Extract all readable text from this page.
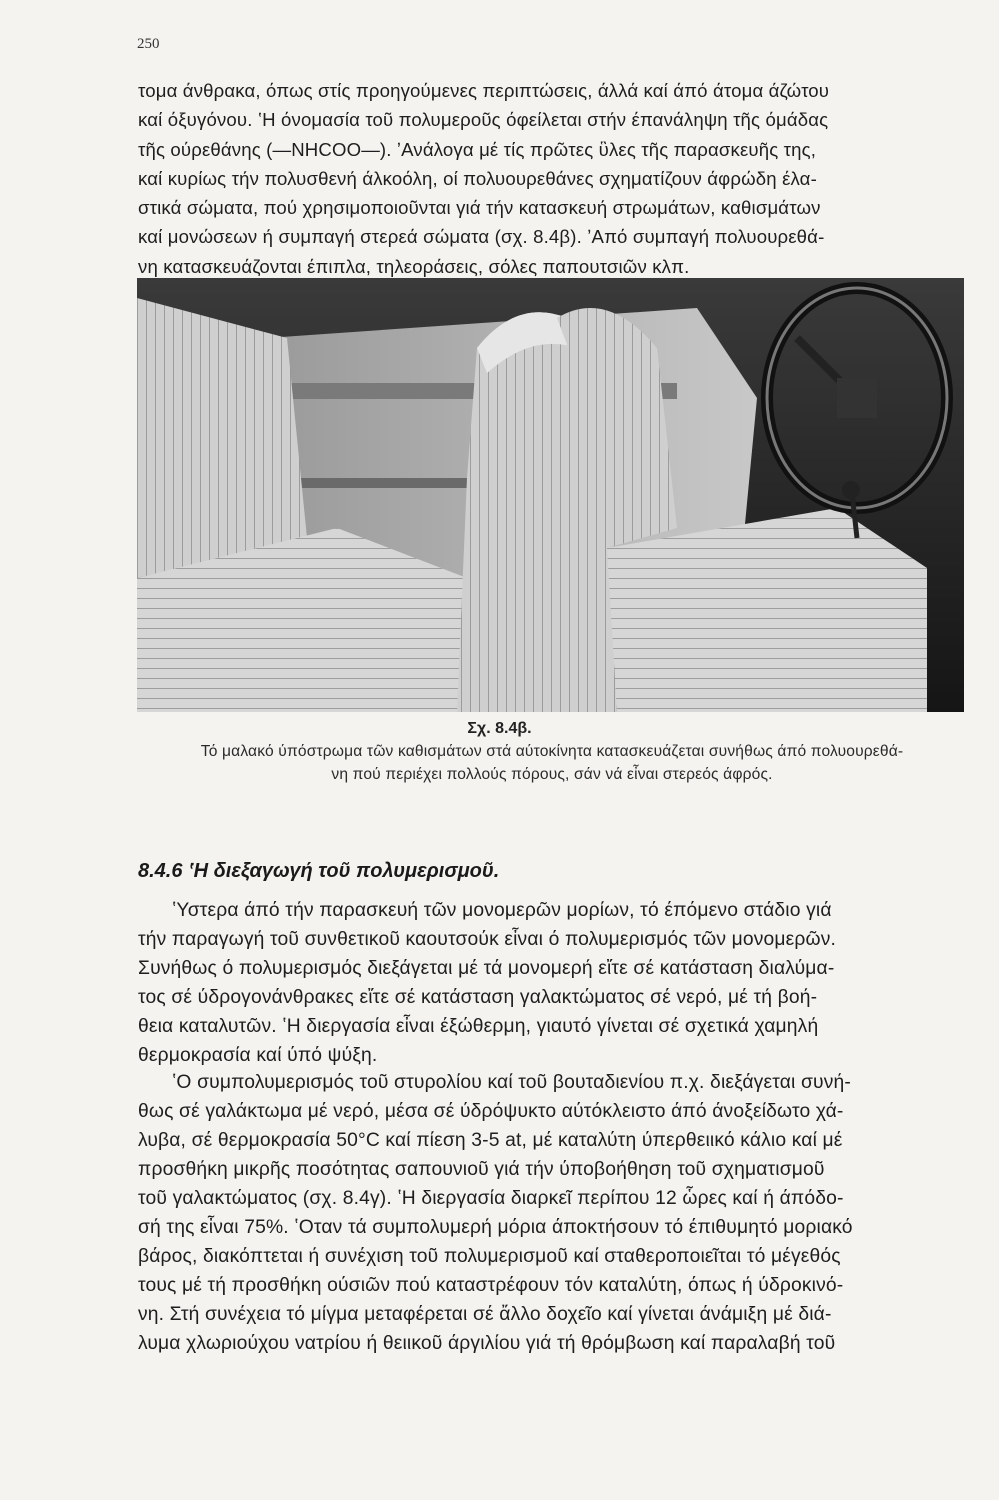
250
τομα άνθρακα, όπως στίς προηγούμενες περιπτώσεις, άλλά καί άπό άτομα άζώτου
καί όξυγόνου. ʽΗ όνομασία τοῦ πολυμεροῦς όφείλεται στήν έπανάληψη τῆς όμάδας
τῆς ούρεθάνης (—NHCOO—). ʼΑνάλογα μέ τίς πρῶτες ὓλες τῆς παρασκευῆς της,
καί κυρίως τήν πολυσθενή άλκοόλη, οί πολυουρεθάνες σχηματίζουν άφρώδη έλα-
στικά σώματα, πού χρησιμοποιοῦνται γιά τήν κατασκευή στρωμάτων, καθισμάτων
καί μονώσεων ή συμπαγή στερεά σώματα (σχ. 8.4β). ʼΑπό συμπαγή πολυουρεθά-
νη κατασκευάζονται έπιπλα, τηλεοράσεις, σόλες παπουτσιῶν κλπ.
Σχ. 8.4β.
Τό μαλακό ύπόστρωμα τῶν καθισμάτων στά αύτοκίνητα κατασκευάζεται συνήθως άπό πολυουρεθά-
νη πού περιέχει πολλούς πόρους, σάν νά εἶναι στερεός άφρός.
8.4.6 ʽΗ διεξαγωγή τοῦ πολυμερισμοῦ.
ʽΥστερα άπό τήν παρασκευή τῶν μονομερῶν μορίων, τό έπόμενο στάδιο γιά
τήν παραγωγή τοῦ συνθετικοῦ καουτσούκ εἶναι ό πολυμερισμός τῶν μονομερῶν.
Συνήθως ό πολυμερισμός διεξάγεται μέ τά μονομερή εἴτε σέ κατάσταση διαλύμα-
τος σέ ύδρογονάνθρακες εἴτε σέ κατάσταση γαλακτώματος σέ νερό, μέ τή βοή-
θεια καταλυτῶν. ʽΗ διεργασία εἶναι έξώθερμη, γιαυτό γίνεται σέ σχετικά χαμηλή
θερμοκρασία καί ύπό ψύξη.
ʽΟ συμπολυμερισμός τοῦ στυρολίου καί τοῦ βουταδιενίου π.χ. διεξάγεται συνή-
θως σέ γαλάκτωμα μέ νερό, μέσα σέ ύδρόψυκτο αύτόκλειστο άπό άνοξείδωτο χά-
λυβα, σέ θερμοκρασία 50°C καί πίεση 3-5 at, μέ καταλύτη ύπερθειικό κάλιο καί μέ
προσθήκη μικρῆς ποσότητας σαπουνιοῦ γιά τήν ύποβοήθηση τοῦ σχηματισμοῦ
τοῦ γαλακτώματος (σχ. 8.4γ). ʽΗ διεργασία διαρκεῖ περίπου 12 ὧρες καί ή άπόδο-
σή της εἶναι 75%. ʽΟταν τά συμπολυμερή μόρια άποκτήσουν τό έπιθυμητό μοριακό
βάρος, διακόπτεται ή συνέχιση τοῦ πολυμερισμοῦ καί σταθεροποιεῖται τό μέγεθός
τους μέ τή προσθήκη ούσιῶν πού καταστρέφουν τόν καταλύτη, όπως ή ύδροκινό-
νη. Στή συνέχεια τό μίγμα μεταφέρεται σέ ἄλλο δοχεῖο καί γίνεται άνάμιξη μέ διά-
λυμα χλωριούχου νατρίου ή θειικοῦ άργιλίου γιά τή θρόμβωση καί παραλαβή τοῦ
